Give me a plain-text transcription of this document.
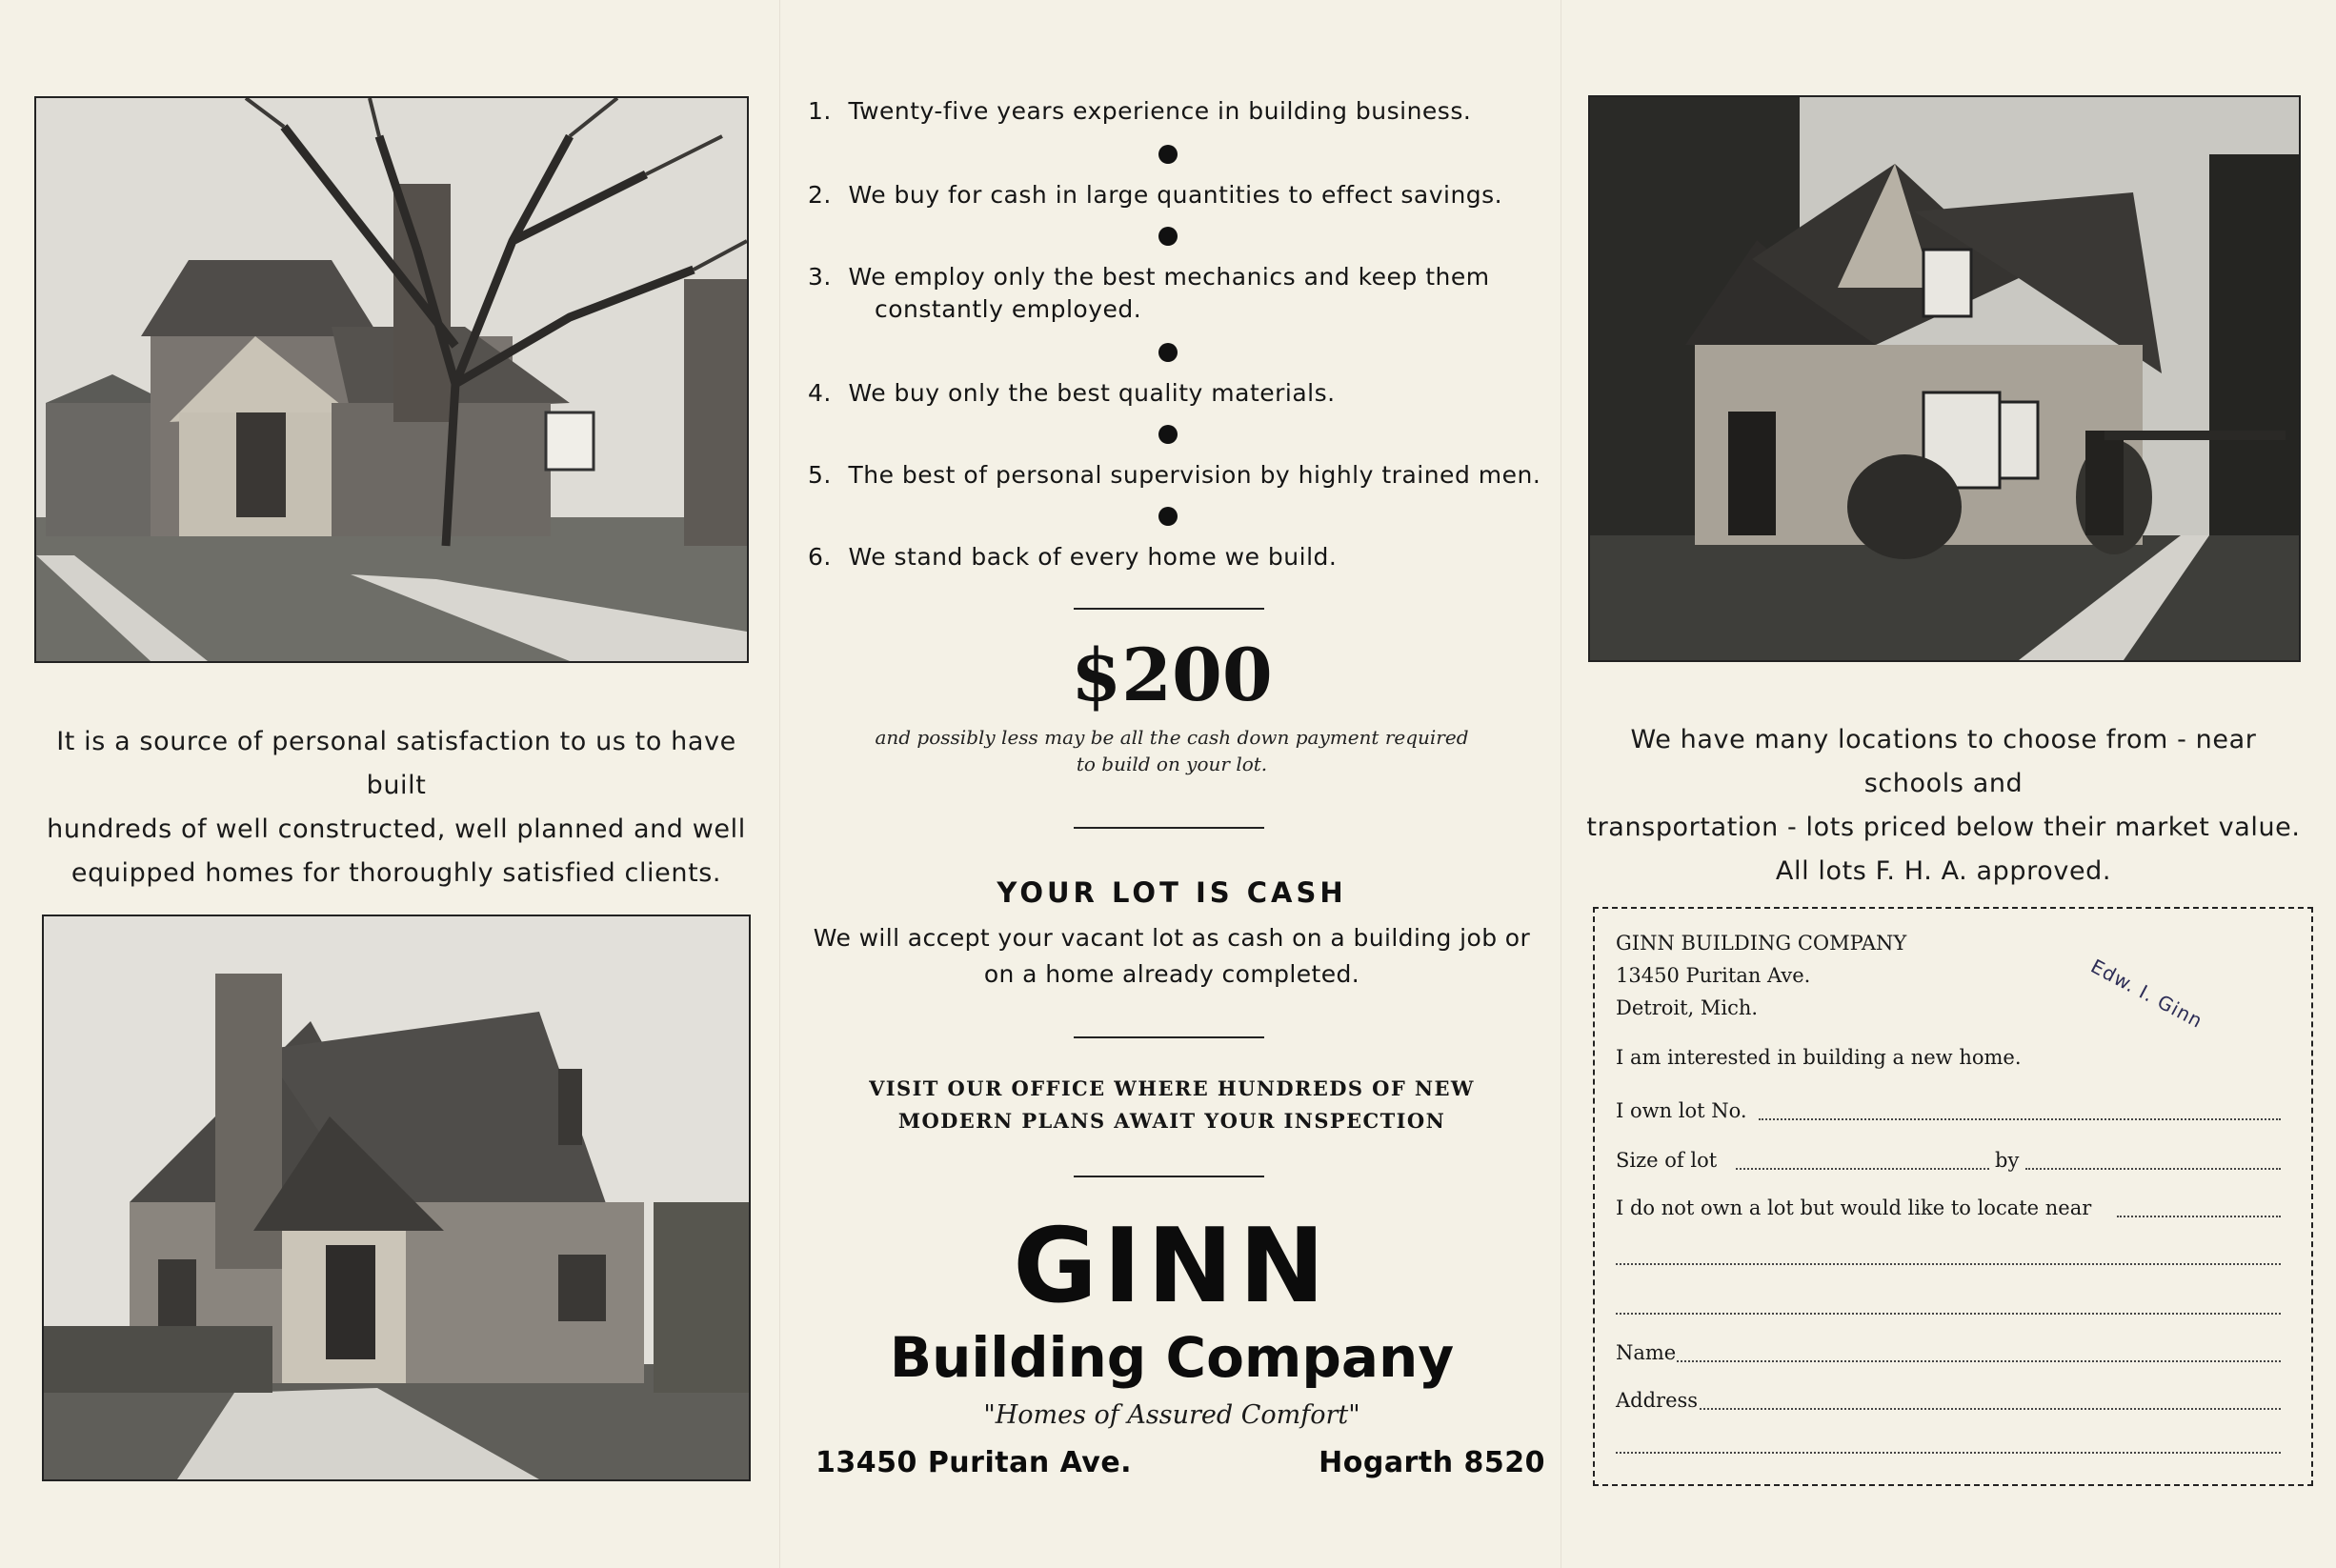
It is a source of personal satisfaction to us to have built
hundreds of well constructed, well planned and well
equipped homes for thoroughly satisfied clients.
We have many locations to choose from - near schools and
transportation - lots priced below their market value.
All lots F. H. A. approved.
1. Twenty-five years experience in building business.
2. We buy for cash in large quantities to effect savings.
3. We employ only the best mechanics and keep them
constantly employed.
4. We buy only the best quality materials.
5. The best of personal supervision by highly trained men.
6. We stand back of every home we build.
$200
and possibly less may be all the cash down payment required
to build on your lot.
YOUR LOT IS CASH
We will accept your vacant lot as cash on a building job or
on a home already completed.
VISIT OUR OFFICE WHERE HUNDREDS OF NEW
MODERN PLANS AWAIT YOUR INSPECTION
GINN
Building Company
"Homes of Assured Comfort"
13450 Puritan Ave.	Hogarth 8520
GINN BUILDING COMPANY
13450 Puritan Ave.
Detroit, Mich.	Edw. I. Ginn
I am interested in building a new home.
I own lot No.
Size of lot	by
I do not own a lot but would like to locate near
Name
Address
